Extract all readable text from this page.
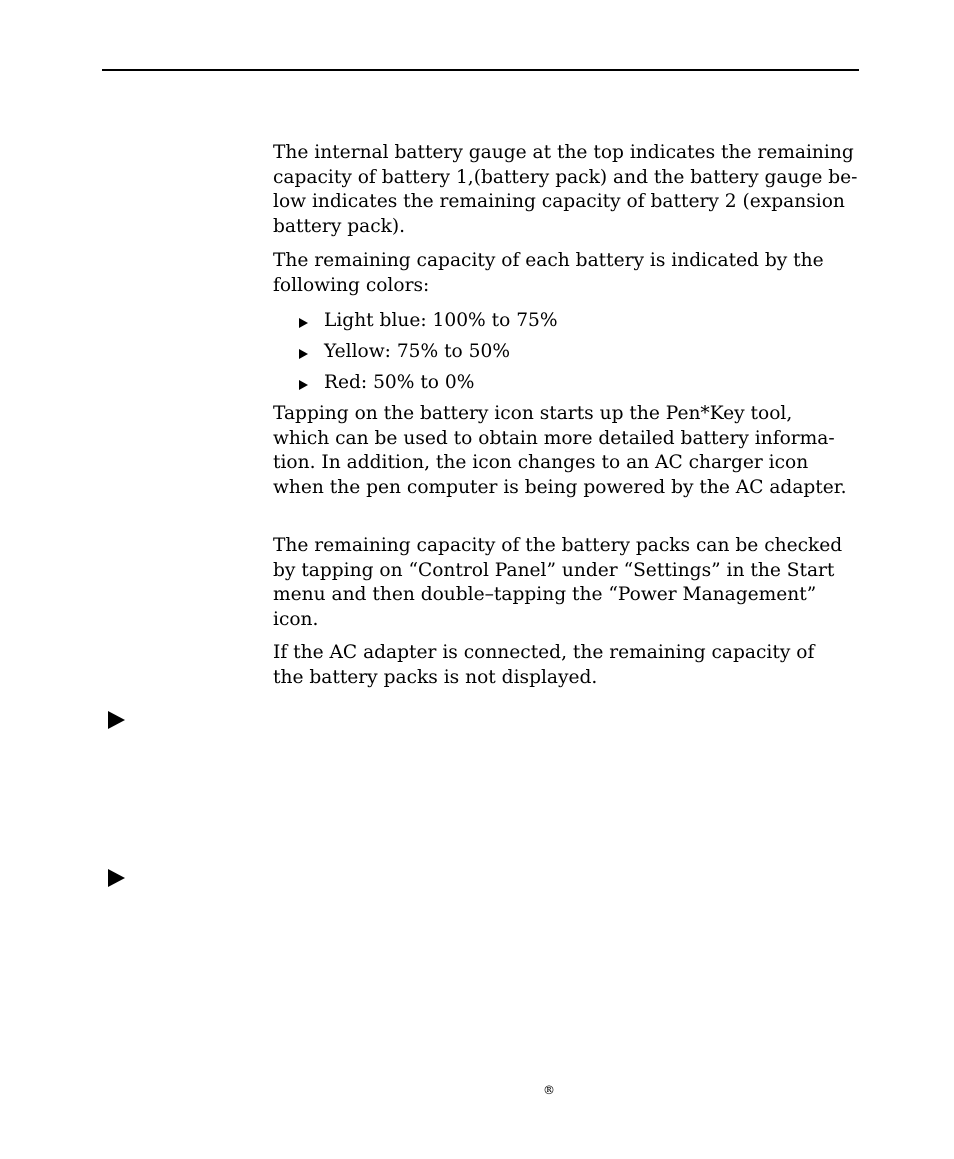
The internal battery gauge at the top indicates the remaining
capacity of battery 1,(battery pack) and the battery gauge be-
low indicates the remaining capacity of battery 2 (expansion
battery pack).

The remaining capacity of each battery is indicated by the
following colors:

Light blue: 100% to 75%
Yellow: 75% to 50%
Red: 50% to 0%

Tapping on the battery icon starts up the Pen*Key tool,
which can be used to obtain more detailed battery informa-
tion. In addition, the icon changes to an AC charger icon
when the pen computer is being powered by the AC adapter.

The remaining capacity of the battery packs can be checked
by tapping on “Control Panel” under “Settings” in the Start
menu and then double–tapping the “Power Management”
icon.

If the AC adapter is connected, the remaining capacity of
the battery packs is not displayed.

®
